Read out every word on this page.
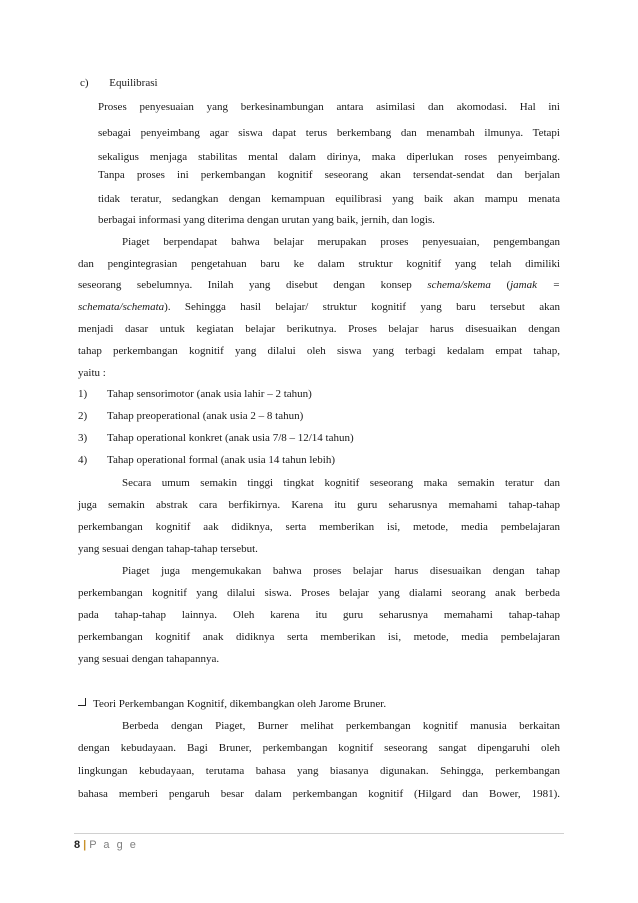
c) Equilibrasi
Proses penyesuaian yang berkesinambungan antara asimilasi dan akomodasi. Hal ini
sebagai penyeimbang agar siswa dapat terus berkembang dan menambah ilmunya. Tetapi
sekaligus menjaga stabilitas mental dalam dirinya, maka diperlukan roses penyeimbang.
Tanpa proses ini perkembangan kognitif seseorang akan tersendat-sendat dan berjalan
tidak teratur, sedangkan dengan kemampuan equilibrasi yang baik akan mampu menata
berbagai informasi yang diterima dengan urutan yang baik, jernih, dan logis.
Piaget berpendapat bahwa belajar merupakan proses penyesuaian, pengembangan
dan pengintegrasian pengetahuan baru ke dalam struktur kognitif yang telah dimiliki
seseorang sebelumnya. Inilah yang disebut dengan konsep schema/skema (jamak =
schemata/schemata). Sehingga hasil belajar/ struktur kognitif yang baru tersebut akan
menjadi dasar untuk kegiatan belajar berikutnya. Proses belajar harus disesuaikan dengan
tahap perkembangan kognitif yang dilalui oleh siswa yang terbagi kedalam empat tahap,
yaitu :
1) Tahap sensorimotor (anak usia lahir – 2 tahun)
2) Tahap preoperational (anak usia 2 – 8 tahun)
3) Tahap operational konkret (anak usia 7/8 – 12/14 tahun)
4) Tahap operational formal (anak usia 14 tahun lebih)
Secara umum semakin tinggi tingkat kognitif seseorang maka semakin teratur dan
juga semakin abstrak cara berfikirnya. Karena itu guru seharusnya memahami tahap-tahap
perkembangan kognitif aak didiknya, serta memberikan isi, metode, media pembelajaran
yang sesuai dengan tahap-tahap tersebut.
Piaget juga mengemukakan bahwa proses belajar harus disesuaikan dengan tahap
perkembangan kognitif yang dilalui siswa. Proses belajar yang dialami seorang anak berbeda
pada tahap-tahap lainnya. Oleh karena itu guru seharusnya memahami tahap-tahap
perkembangan kognitif anak didiknya serta memberikan isi, metode, media pembelajaran
yang sesuai dengan tahapannya.
Teori Perkembangan Kognitif, dikembangkan oleh Jarome Bruner.
Berbeda dengan Piaget, Burner melihat perkembangan kognitif manusia berkaitan
dengan kebudayaan. Bagi Bruner, perkembangan kognitif seseorang sangat dipengaruhi oleh
lingkungan kebudayaan, terutama bahasa yang biasanya digunakan. Sehingga, perkembangan
bahasa memberi pengaruh besar dalam perkembangan kognitif (Hilgard dan Bower, 1981).
8 | P a g e
